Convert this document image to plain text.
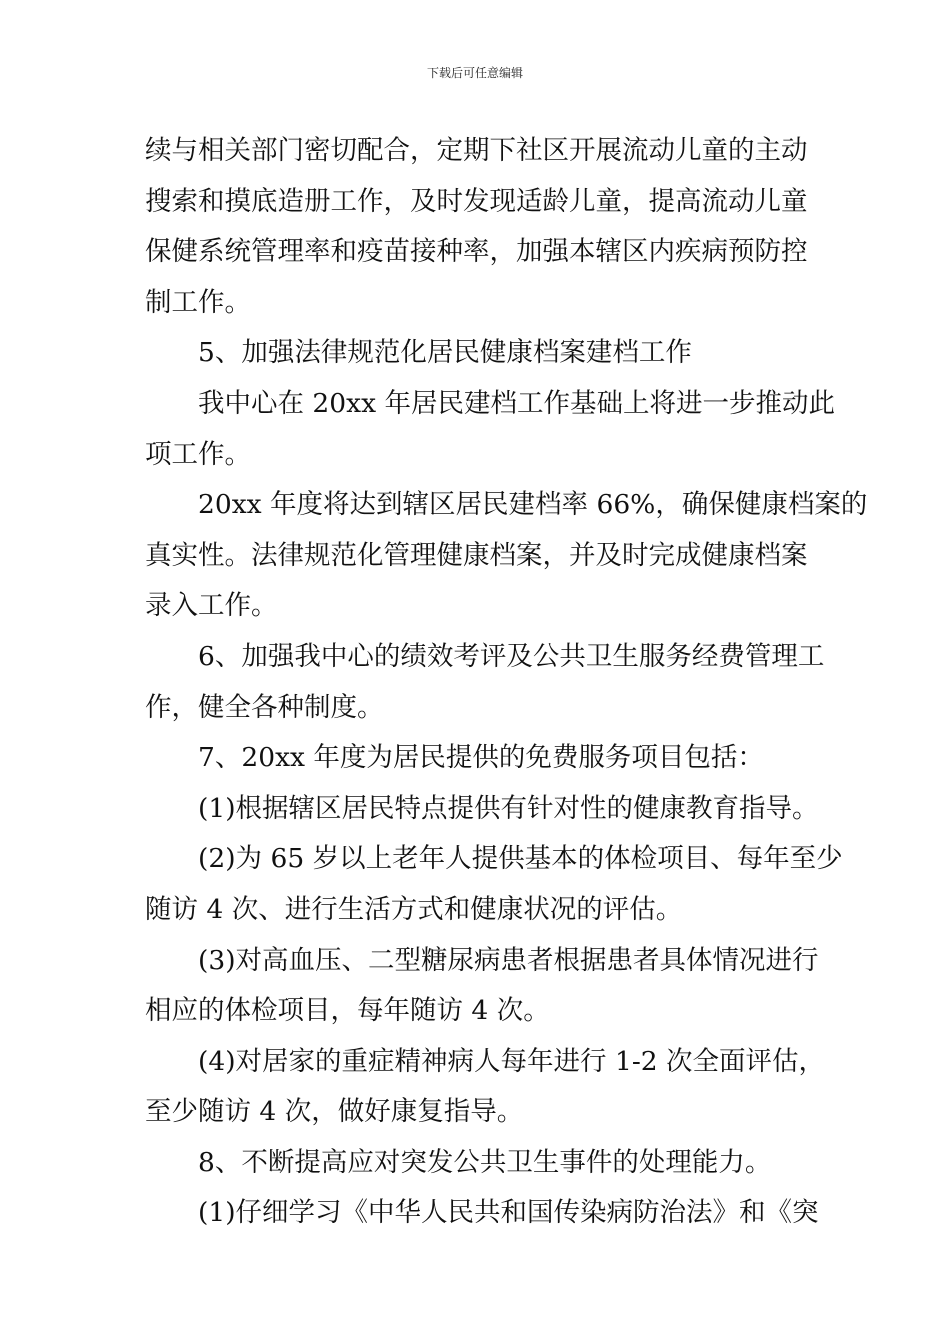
下载后可任意编辑
续与相关部门密切配合，定期下社区开展流动儿童的主动
搜索和摸底造册工作，及时发现适龄儿童，提高流动儿童
保健系统管理率和疫苗接种率，加强本辖区内疾病预防控
制工作。
5、加强法律规范化居民健康档案建档工作
我中心在 20xx 年居民建档工作基础上将进一步推动此
项工作。
20xx 年度将达到辖区居民建档率 66%，确保健康档案的
真实性。法律规范化管理健康档案，并及时完成健康档案
录入工作。
6、加强我中心的绩效考评及公共卫生服务经费管理工
作，健全各种制度。
7、20xx 年度为居民提供的免费服务项目包括：
(1)根据辖区居民特点提供有针对性的健康教育指导。
(2)为 65 岁以上老年人提供基本的体检项目、每年至少
随访 4 次、进行生活方式和健康状况的评估。
(3)对高血压、二型糖尿病患者根据患者具体情况进行
相应的体检项目，每年随访 4 次。
(4)对居家的重症精神病人每年进行 1-2 次全面评估，
至少随访 4 次，做好康复指导。
8、不断提高应对突发公共卫生事件的处理能力。
(1)仔细学习《中华人民共和国传染病防治法》和《突
